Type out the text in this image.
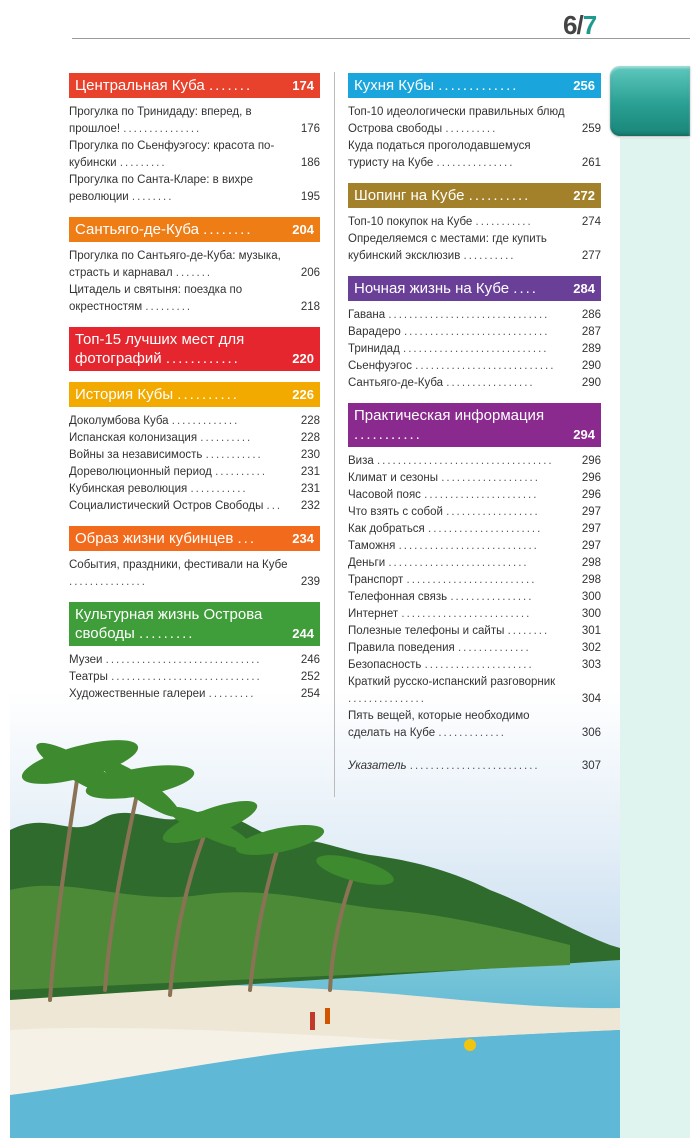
6/7
Центральная Куба .......	174
Прогулка по Тринидаду: вперед, в прошлое! ...............	176
Прогулка по Сьенфуэгосу: красота по-кубински .........	186
Прогулка по Санта-Кларе: в вихре революции ........	195
Сантьяго-де-Куба ........	204
Прогулка по Сантьяго-де-Куба: музыка, страсть и карнавал .......	206
Цитадель и святыня: поездка по окрестностям .........	218
Топ-15 лучших мест для фотографий ............	220
История Кубы ..........	226
Доколумбова Куба .............	228
Испанская колонизация ..........	228
Войны за независимость ...........	230
Дореволюционный период ..........	231
Кубинская революция ...........	231
Социалистический Остров Свободы ... 232
Образ жизни кубинцев ...	234
События, праздники, фестивали на Кубе ...............	239
Культурная жизнь Острова свободы .........	244
Музеи ..............................	246
Театры .............................	252
Художественные галереи .........	254
Кухня Кубы .............	256
Топ-10 идеологически правильных блюд Острова свободы ..........	259
Куда податься проголодавшемуся туристу на Кубе ...............	261
Шопинг на Кубе ..........	272
Топ-10 покупок на Кубе ...........	274
Определяемся с местами: где купить кубинский эксклюзив ..........	277
Ночная жизнь на Кубе ....	284
Гавана ...............................	286
Варадеро ............................	287
Тринидад ............................	289
Сьенфуэгос ........................... 290
Сантьяго-де-Куба .................	290
Практическая информация ...........	294
Виза .................................. 296
Климат и сезоны ...................	296
Часовой пояс ......................	296
Что взять с собой ..................	297
Как добраться ......................	297
Таможня ...........................	297
Деньги ...........................	298
Транспорт .........................	298
Телефонная связь ................	300
Интернет .........................	300
Полезные телефоны и сайты ........	301
Правила поведения ..............	302
Безопасность .....................	303
Краткий русско-испанский разговорник ...............	304
Пять вещей, которые необходимо сделать на Кубе .............	306
Указатель .........................	307
